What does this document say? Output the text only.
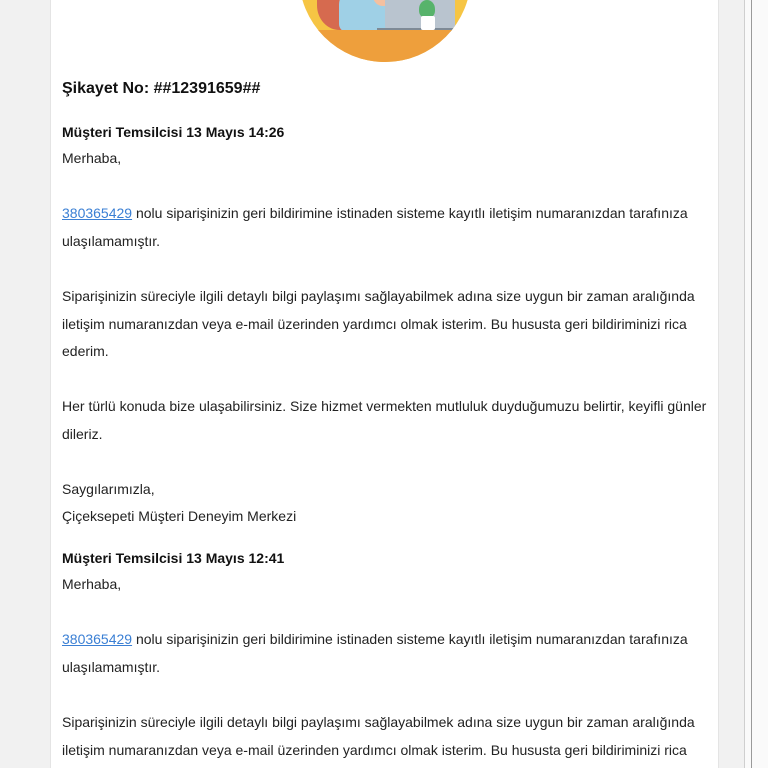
Şikayet No: ##12391659##
Müşteri Temsilcisi 13 Mayıs 14:26
Merhaba,
380365429 nolu siparişinizin geri bildirimine istinaden sisteme kayıtlı iletişim numaranızdan tarafınıza ulaşılamamıştır.
Siparişinizin süreciyle ilgili detaylı bilgi paylaşımı sağlayabilmek adına size uygun bir zaman aralığında iletişim numaranızdan veya e-mail üzerinden yardımcı olmak isterim. Bu hususta geri bildiriminizi rica ederim.
Her türlü konuda bize ulaşabilirsiniz. Size hizmet vermekten mutluluk duyduğumuzu belirtir, keyifli günler dileriz.
Saygılarımızla,
Çiçeksepeti Müşteri Deneyim Merkezi
Müşteri Temsilcisi 13 Mayıs 12:41
Merhaba,
380365429 nolu siparişinizin geri bildirimine istinaden sisteme kayıtlı iletişim numaranızdan tarafınıza ulaşılamamıştır.
Siparişinizin süreciyle ilgili detaylı bilgi paylaşımı sağlayabilmek adına size uygun bir zaman aralığında iletişim numaranızdan veya e-mail üzerinden yardımcı olmak isterim. Bu hususta geri bildiriminizi rica
